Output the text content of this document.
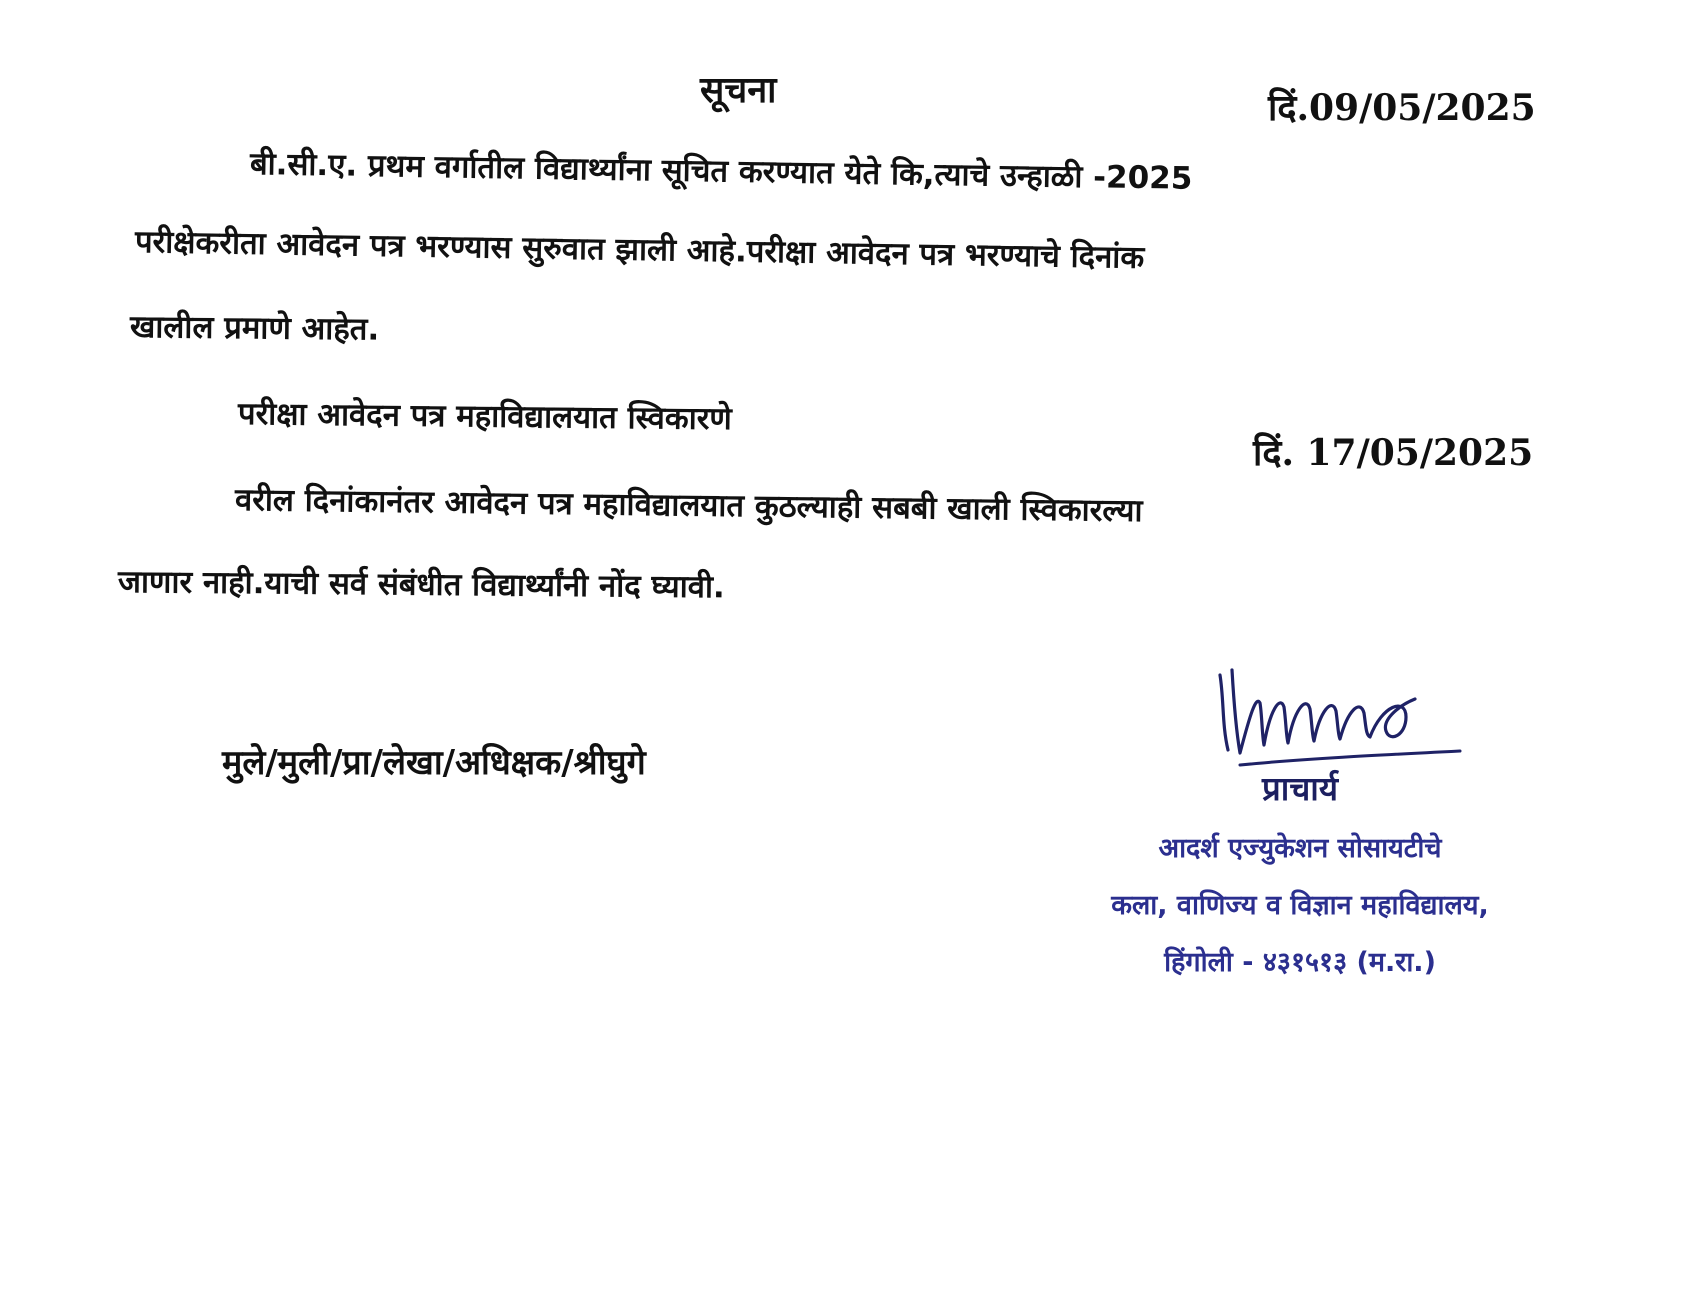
सूचना	दिं.09/05/2025
बी.सी.ए. प्रथम वर्गातील विद्यार्थ्यांना सूचित करण्यात येते कि,त्याचे उन्हाळी -2025
परीक्षेकरीता आवेदन पत्र भरण्यास सुरुवात झाली आहे.परीक्षा आवेदन पत्र भरण्याचे दिनांक
खालील प्रमाणे आहेत.
परीक्षा आवेदन पत्र महाविद्यालयात स्विकारणे
दिं. 17/05/2025
वरील दिनांकानंतर आवेदन पत्र महाविद्यालयात कुठल्याही सबबी खाली स्विकारल्या
जाणार नाही.याची सर्व संबंधीत विद्यार्थ्यांनी नोंद घ्यावी.
मुले/मुली/प्रा/लेखा/अधिक्षक/श्रीघुगे
प्राचार्य
आदर्श एज्युकेशन सोसायटीचे
कला, वाणिज्य व विज्ञान महाविद्यालय,
हिंगोली - ४३१५१३ (म.रा.)
